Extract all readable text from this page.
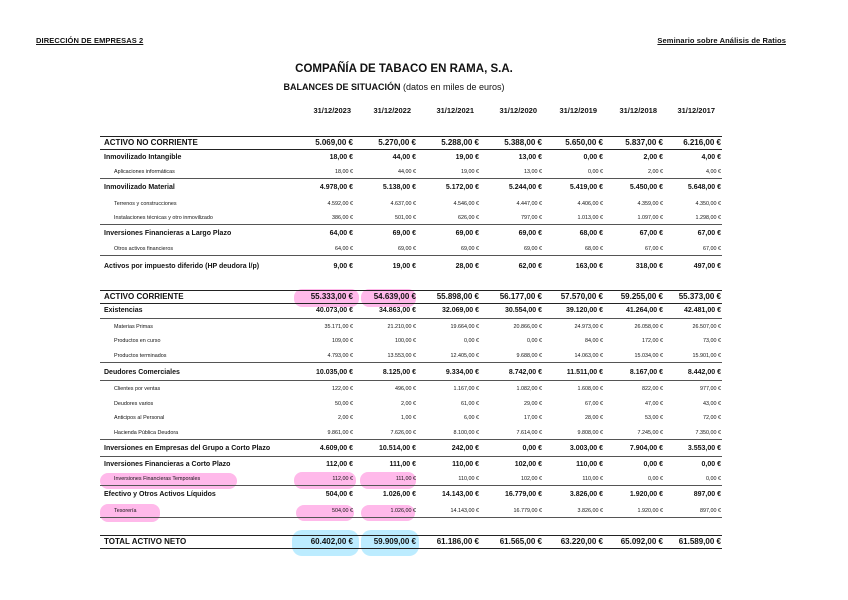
DIRECCIÓN DE EMPRESAS 2	Seminario sobre Análisis de Ratios
COMPAÑÍA DE TABACO EN RAMA, S.A.
BALANCES DE SITUACIÓN (datos en miles de euros)
31/12/2023	31/12/2022	31/12/2021	31/12/2020	31/12/2019	31/12/2018	31/12/2017
ACTIVO NO CORRIENTE	5.069,00 €	5.270,00 €	5.288,00 €	5.388,00 €	5.650,00 €	5.837,00 €	6.216,00 €
Inmovilizado Intangible	18,00 €	44,00 €	19,00 €	13,00 €	0,00 €	2,00 €	4,00 €
Aplicaciones informáticas	18,00 €	44,00 €	19,00 €	13,00 €	0,00 €	2,00 €	4,00 €
Inmovilizado Material	4.978,00 €	5.138,00 €	5.172,00 €	5.244,00 €	5.419,00 €	5.450,00 €	5.648,00 €
Terrenos y construcciones	4.592,00 €	4.637,00 €	4.546,00 €	4.447,00 €	4.406,00 €	4.359,00 €	4.350,00 €
Instalaciones técnicas y otro inmovilizado	386,00 €	501,00 €	626,00 €	797,00 €	1.013,00 €	1.097,00 €	1.298,00 €
Inversiones Financieras a Largo Plazo	64,00 €	69,00 €	69,00 €	69,00 €	68,00 €	67,00 €	67,00 €
Otros activos financieros	64,00 €	69,00 €	69,00 €	69,00 €	68,00 €	67,00 €	67,00 €
Activos por impuesto diferido (HP deudora l/p)	9,00 €	19,00 €	28,00 €	62,00 €	163,00 €	318,00 €	497,00 €
ACTIVO CORRIENTE	55.333,00 €	54.639,00 €	55.898,00 €	56.177,00 €	57.570,00 €	59.255,00 €	55.373,00 €
Existencias	40.073,00 €	34.863,00 €	32.069,00 €	30.554,00 €	39.120,00 €	41.264,00 €	42.481,00 €
Materias Primas	35.171,00 €	21.210,00 €	19.664,00 €	20.866,00 €	24.973,00 €	26.058,00 €	26.507,00 €
Productos en curso	109,00 €	100,00 €	0,00 €	0,00 €	84,00 €	172,00 €	73,00 €
Productos terminados	4.793,00 €	13.553,00 €	12.405,00 €	9.688,00 €	14.063,00 €	15.034,00 €	15.901,00 €
Deudores Comerciales	10.035,00 €	8.125,00 €	9.334,00 €	8.742,00 €	11.511,00 €	8.167,00 €	8.442,00 €
Clientes por ventas	122,00 €	496,00 €	1.167,00 €	1.082,00 €	1.608,00 €	822,00 €	977,00 €
Deudores varios	50,00 €	2,00 €	61,00 €	29,00 €	67,00 €	47,00 €	43,00 €
Anticipos al Personal	2,00 €	1,00 €	6,00 €	17,00 €	28,00 €	53,00 €	72,00 €
Hacienda Pública Deudora	9.861,00 €	7.626,00 €	8.100,00 €	7.614,00 €	9.808,00 €	7.245,00 €	7.350,00 €
Inversiones en Empresas del Grupo a Corto Plazo	4.609,00 €	10.514,00 €	242,00 €	0,00 €	3.003,00 €	7.904,00 €	3.553,00 €
Inversiones Financieras a Corto Plazo	112,00 €	111,00 €	110,00 €	102,00 €	110,00 €	0,00 €	0,00 €
Inversiones Financieras Temporales	112,00 €	111,00 €	110,00 €	102,00 €	110,00 €	0,00 €	0,00 €
Efectivo y Otros Activos Líquidos	504,00 €	1.026,00 €	14.143,00 €	16.779,00 €	3.826,00 €	1.920,00 €	897,00 €
Tesorería	504,00 €	1.026,00 €	14.143,00 €	16.779,00 €	3.826,00 €	1.920,00 €	897,00 €
TOTAL ACTIVO NETO	60.402,00 €	59.909,00 €	61.186,00 €	61.565,00 €	63.220,00 €	65.092,00 €	61.589,00 €
